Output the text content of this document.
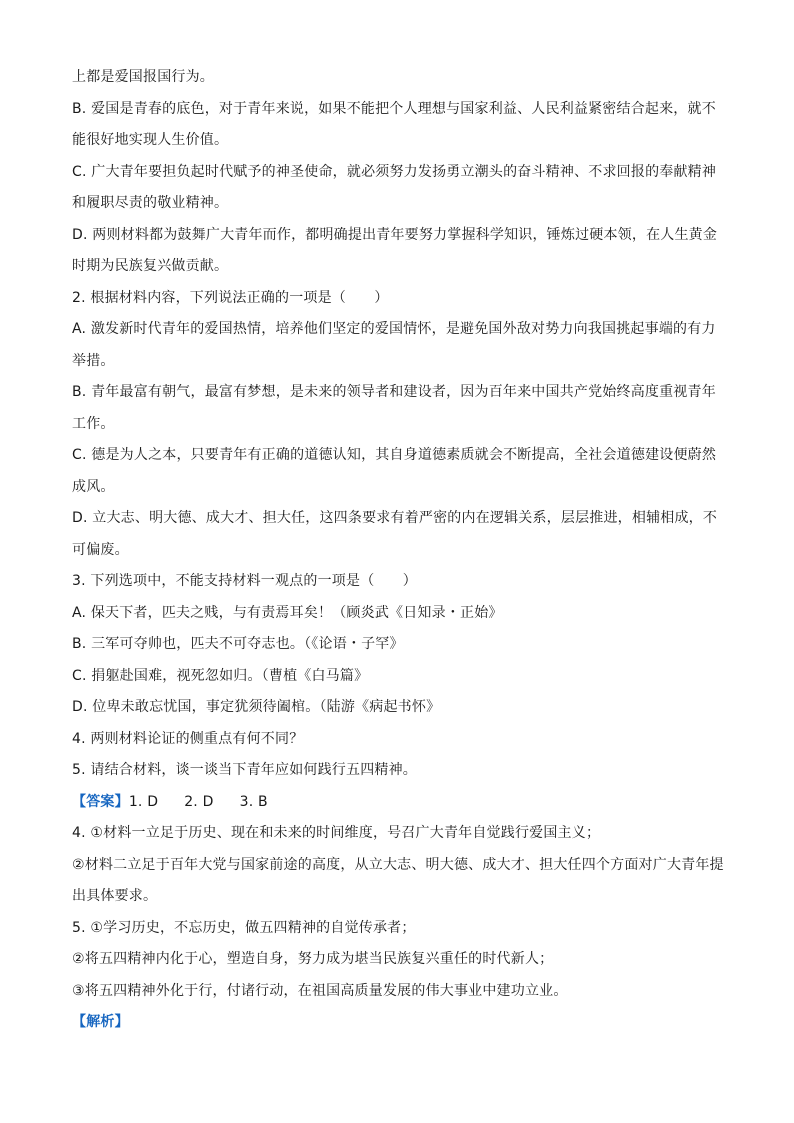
上都是爱国报国行为。
B. 爱国是青春的底色，对于青年来说，如果不能把个人理想与国家利益、人民利益紧密结合起来，就不
能很好地实现人生价值。
C. 广大青年要担负起时代赋予的神圣使命，就必须努力发扬勇立潮头的奋斗精神、不求回报的奉献精神
和履职尽责的敬业精神。
D. 两则材料都为鼓舞广大青年而作，都明确提出青年要努力掌握科学知识，锤炼过硬本领，在人生黄金
时期为民族复兴做贡献。
2. 根据材料内容，下列说法正确的一项是（　　）
A. 激发新时代青年的爱国热情，培养他们坚定的爱国情怀，是避免国外敌对势力向我国挑起事端的有力
举措。
B. 青年最富有朝气，最富有梦想，是未来的领导者和建设者，因为百年来中国共产党始终高度重视青年
工作。
C. 德是为人之本，只要青年有正确的道德认知，其自身道德素质就会不断提高，全社会道德建设便蔚然
成风。
D. 立大志、明大德、成大才、担大任，这四条要求有着严密的内在逻辑关系，层层推进，相辅相成，不
可偏废。
3. 下列选项中，不能支持材料一观点的一项是（　　）
A. 保天下者，匹夫之贱，与有责焉耳矣！（顾炎武《日知录・正始》
B. 三军可夺帅也，匹夫不可夺志也。（《论语・子罕》
C. 捐躯赴国难，视死忽如归。（曹植《白马篇》
D. 位卑未敢忘忧国，事定犹须待阖棺。（陆游《病起书怀》
4. 两则材料论证的侧重点有何不同？
5. 请结合材料，谈一谈当下青年应如何践行五四精神。
【答案】1. D 2. D 3. B
4. ①材料一立足于历史、现在和未来的时间维度，号召广大青年自觉践行爱国主义；
②材料二立足于百年大党与国家前途的高度，从立大志、明大德、成大才、担大任四个方面对广大青年提
出具体要求。
5. ①学习历史，不忘历史，做五四精神的自觉传承者；
②将五四精神内化于心，塑造自身，努力成为堪当民族复兴重任的时代新人；
③将五四精神外化于行，付诸行动，在祖国高质量发展的伟大事业中建功立业。
【解析】
